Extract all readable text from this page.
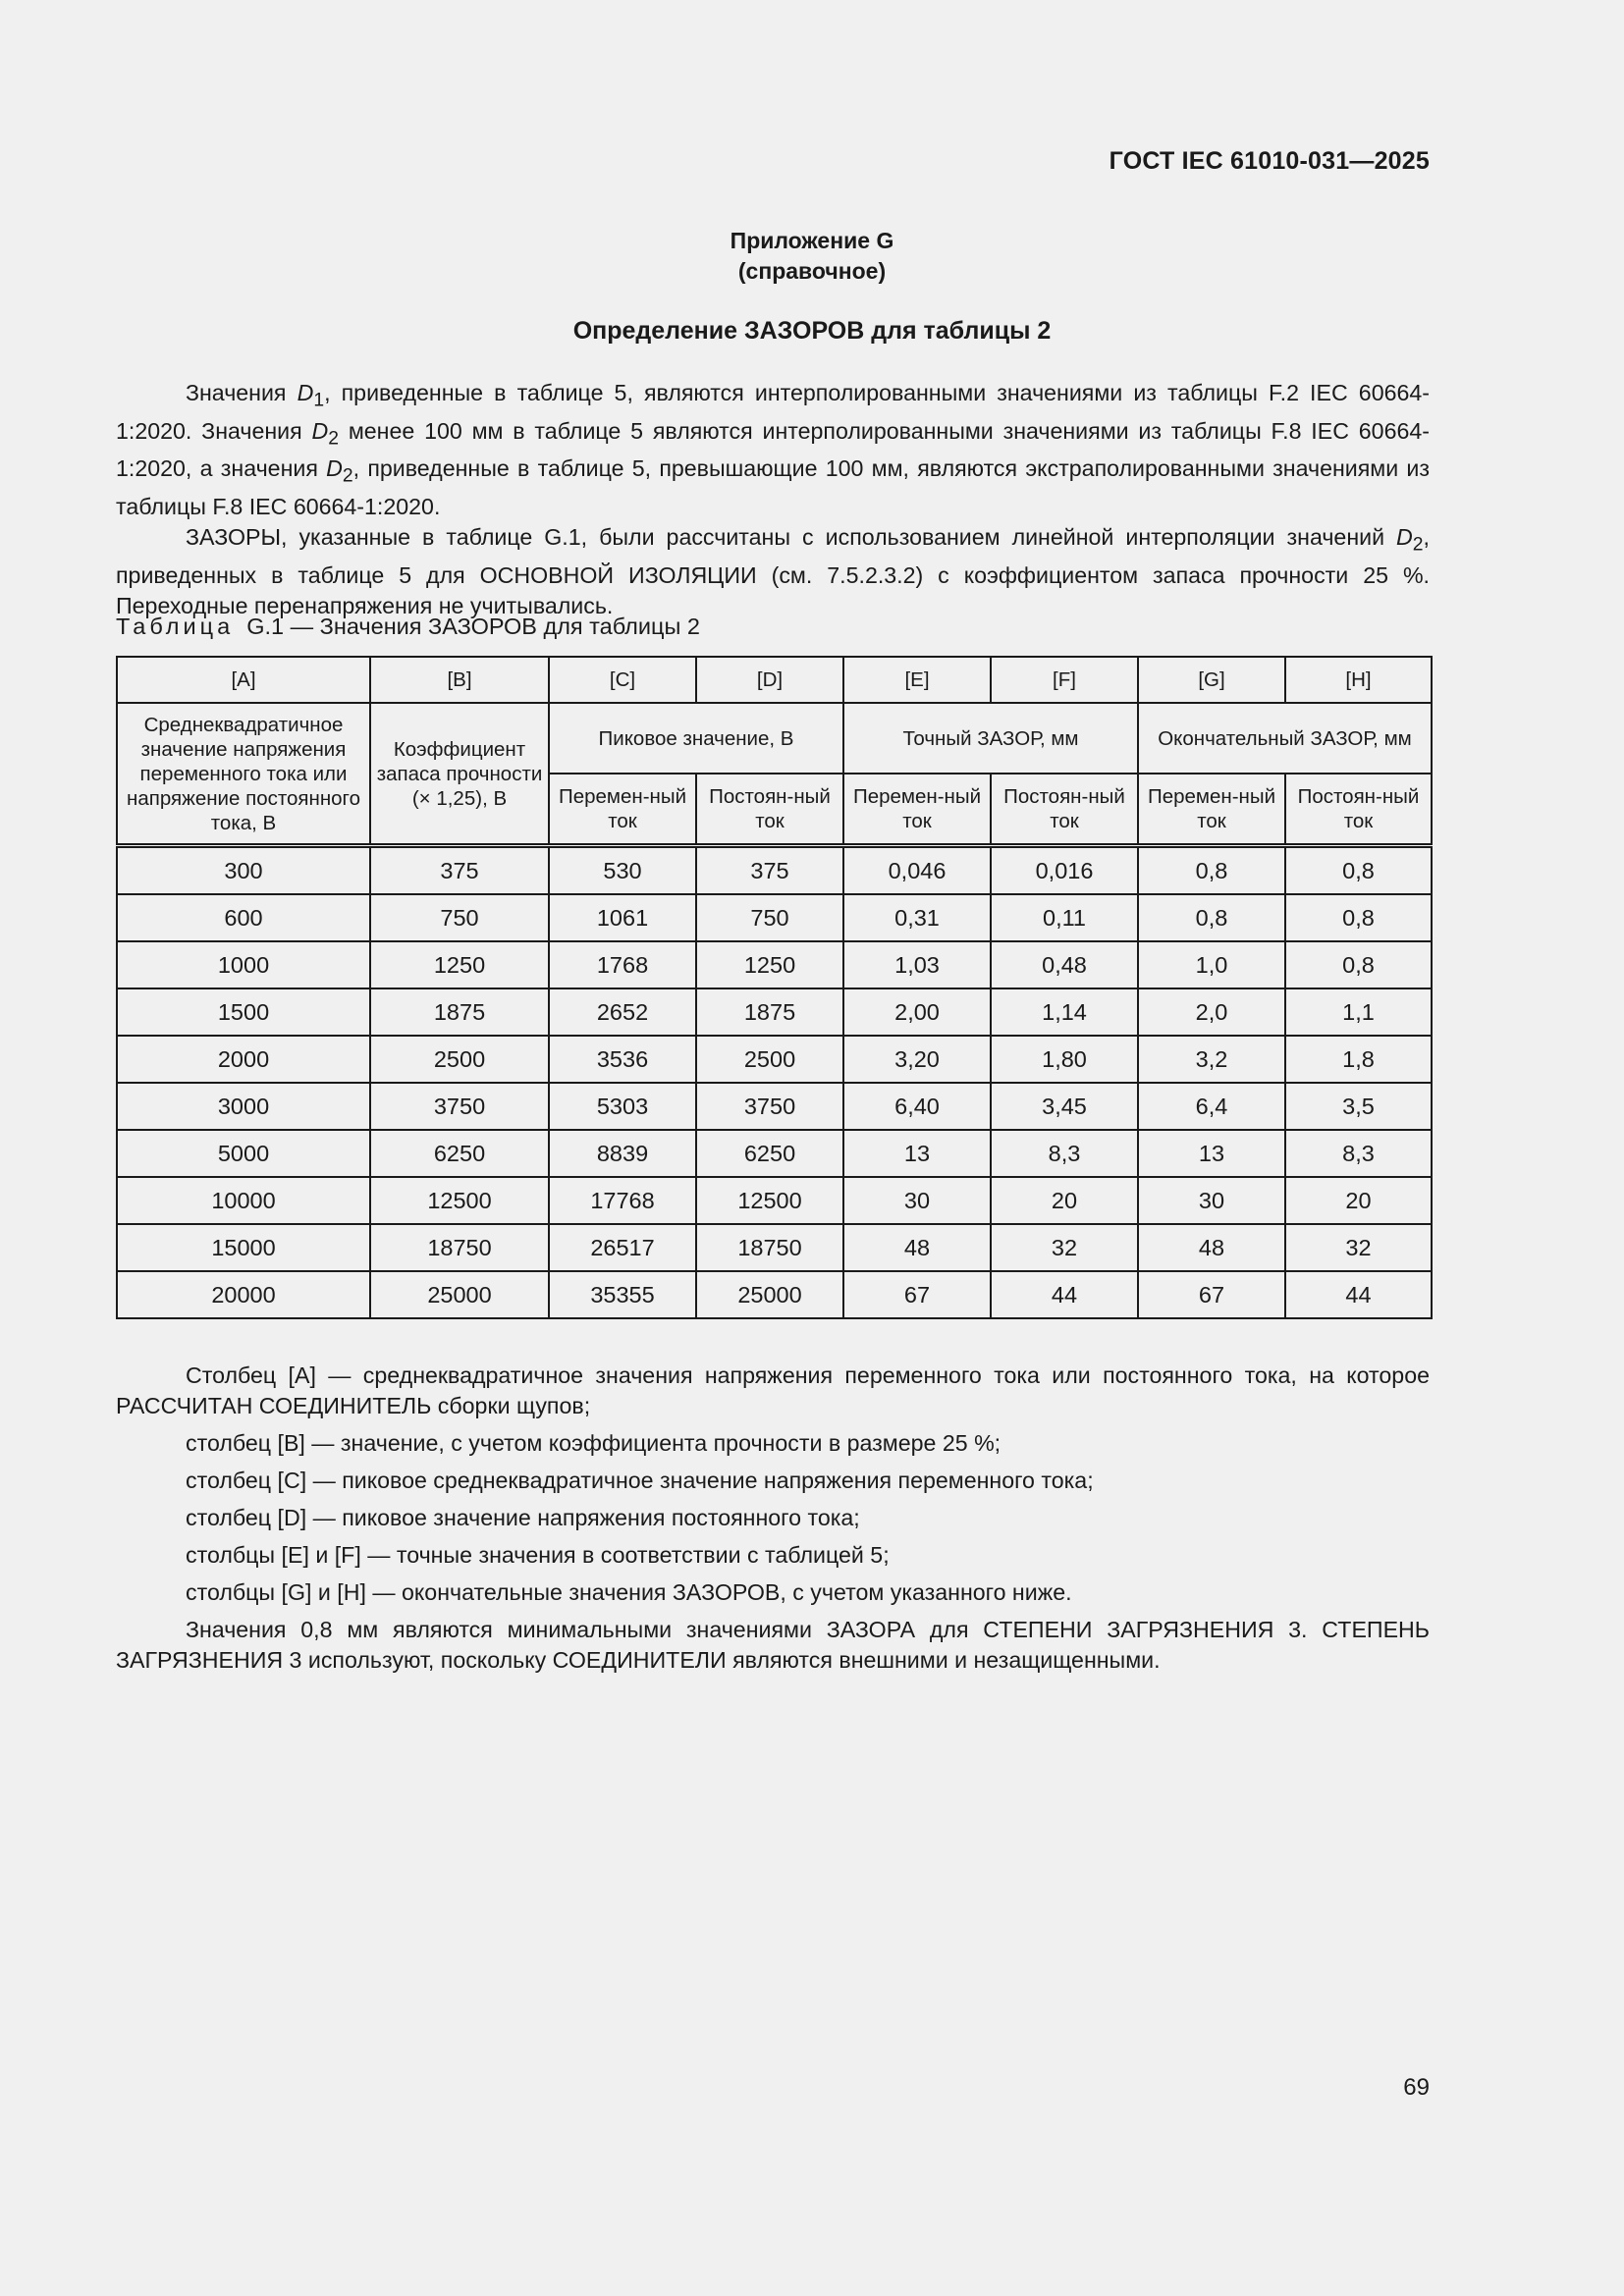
ГОСТ IEC 61010-031—2025
Приложение G
(справочное)
Определение ЗАЗОРОВ для таблицы 2

Значения $D_1$, приведенные в таблице 5, являются интерполированными значениями из таблицы F.2 IEC 60664-1:2020. Значения $D_2$ менее 100 мм в таблице 5 являются интерполированными значениями из таблицы F.8 IEC 60664-1:2020, а значения $D_2$, приведенные в таблице 5, превышающие 100 мм, являются экстраполированными значениями из таблицы F.8 IEC 60664-1:2020.

ЗАЗОРЫ, указанные в таблице G.1, были рассчитаны с использованием линейной интерполяции значений $D_2$, приведенных в таблице 5 для ОСНОВНОЙ ИЗОЛЯЦИИ (см. 7.5.2.3.2) с коэффициентом запаса прочности 25 %. Переходные перенапряжения не учитывались.

Таблица G.1 — Значения ЗАЗОРОВ для таблицы 2
[A]	[B]	[C]	[D]	[E]	[F]	[G]	[H]
Среднеквадратичное значение напряжения переменного тока или напряжение постоянного тока, В	Коэффициент запаса прочности (× 1,25), В	Пиковое значение, В		Точный ЗАЗОР, мм		Окончательный ЗАЗОР, мм	
		Перемен-ный ток	Постоян-ный ток	Перемен-ный ток	Постоян-ный ток	Перемен-ный ток	Постоян-ный ток
300	375	530	375	0,046	0,016	0,8	0,8
600	750	1061	750	0,31	0,11	0,8	0,8
1000	1250	1768	1250	1,03	0,48	1,0	0,8
1500	1875	2652	1875	2,00	1,14	2,0	1,1
2000	2500	3536	2500	3,20	1,80	3,2	1,8
3000	3750	5303	3750	6,40	3,45	6,4	3,5
5000	6250	8839	6250	13	8,3	13	8,3
10000	12500	17768	12500	30	20	30	20
15000	18750	26517	18750	48	32	48	32
20000	25000	35355	25000	67	44	67	44

Столбец [A] — среднеквадратичное значения напряжения переменного тока или постоянного тока, на которое РАССЧИТАН СОЕДИНИТЕЛЬ сборки щупов;

столбец [B] — значение, с учетом коэффициента прочности в размере 25 %;

столбец [C] — пиковое среднеквадратичное значение напряжения переменного тока;

столбец [D] — пиковое значение напряжения постоянного тока;

столбцы [E] и [F] — точные значения в соответствии с таблицей 5;

столбцы [G] и [H] — окончательные значения ЗАЗОРОВ, с учетом указанного ниже.

Значения 0,8 мм являются минимальными значениями ЗАЗОРА для СТЕПЕНИ ЗАГРЯЗНЕНИЯ 3. СТЕПЕНЬ ЗАГРЯЗНЕНИЯ 3 используют, поскольку СОЕДИНИТЕЛИ являются внешними и незащищенными.

69
